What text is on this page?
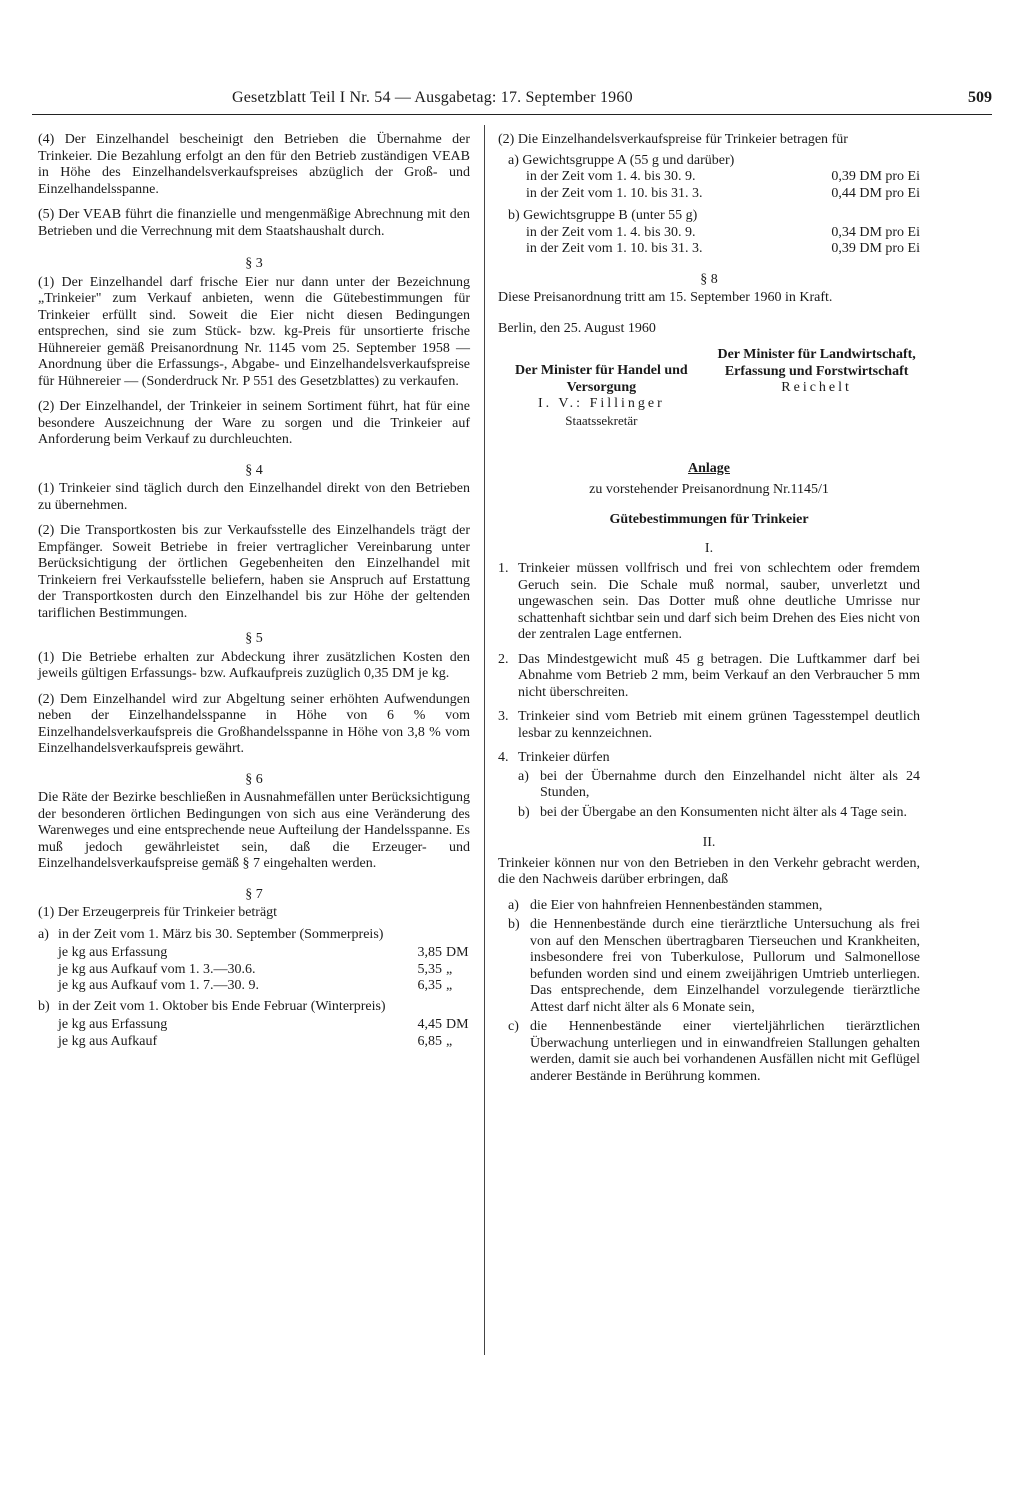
Gesetzblatt Teil I Nr. 54 — Ausgabetag: 17. September 1960	509

(4) Der Einzelhandel bescheinigt den Betrieben die Übernahme der Trinkeier. Die Bezahlung erfolgt an den für den Betrieb zuständigen VEAB in Höhe des Einzelhandelsverkaufspreises abzüglich der Groß- und Einzelhandelsspanne.

(5) Der VEAB führt die finanzielle und mengenmäßige Abrechnung mit den Betrieben und die Verrechnung mit dem Staatshaushalt durch.

§ 3

(1) Der Einzelhandel darf frische Eier nur dann unter der Bezeichnung „Trinkeier" zum Verkauf anbieten, wenn die Gütebestimmungen für Trinkeier erfüllt sind. Soweit die Eier nicht diesen Bedingungen entsprechen, sind sie zum Stück- bzw. kg-Preis für unsortierte frische Hühnereier gemäß Preisanordnung Nr. 1145 vom 25. September 1958 — Anordnung über die Erfassungs-, Abgabe- und Einzelhandelsverkaufspreise für Hühnereier — (Sonderdruck Nr. P 551 des Gesetzblattes) zu verkaufen.

(2) Der Einzelhandel, der Trinkeier in seinem Sortiment führt, hat für eine besondere Auszeichnung der Ware zu sorgen und die Trinkeier auf Anforderung beim Verkauf zu durchleuchten.

§ 4

(1) Trinkeier sind täglich durch den Einzelhandel direkt von den Betrieben zu übernehmen.

(2) Die Transportkosten bis zur Verkaufsstelle des Einzelhandels trägt der Empfänger. Soweit Betriebe in freier vertraglicher Vereinbarung unter Berücksichtigung der örtlichen Gegebenheiten den Einzelhandel mit Trinkeiern frei Verkaufsstelle beliefern, haben sie Anspruch auf Erstattung der Transportkosten durch den Einzelhandel bis zur Höhe der geltenden tariflichen Bestimmungen.

§ 5

(1) Die Betriebe erhalten zur Abdeckung ihrer zusätzlichen Kosten den jeweils gültigen Erfassungs- bzw. Aufkaufpreis zuzüglich 0,35 DM je kg.

(2) Dem Einzelhandel wird zur Abgeltung seiner erhöhten Aufwendungen neben der Einzelhandelsspanne in Höhe von 6 % vom Einzelhandelsverkaufspreis die Großhandelsspanne in Höhe von 3,8 % vom Einzelhandelsverkaufspreis gewährt.

§ 6

Die Räte der Bezirke beschließen in Ausnahmefällen unter Berücksichtigung der besonderen örtlichen Bedingungen von sich aus eine Veränderung des Warenweges und eine entsprechende neue Aufteilung der Handelsspanne. Es muß jedoch gewährleistet sein, daß die Erzeuger- und Einzelhandelsverkaufspreise gemäß § 7 eingehalten werden.

§ 7

(1) Der Erzeugerpreis für Trinkeier beträgt

a) in der Zeit vom 1. März bis 30. September (Sommerpreis)
je kg aus Erfassung	3,85	DM
je kg aus Aufkauf vom 1. 3.—30.6.	5,35	„
je kg aus Aufkauf vom 1. 7.—30. 9.	6,35	„
b) in der Zeit vom 1. Oktober bis Ende Februar (Winterpreis)
je kg aus Erfassung	4,45	DM
je kg aus Aufkauf	6,85	„

(2) Die Einzelhandelsverkaufspreise für Trinkeier betragen für

a) Gewichtsgruppe A (55 g und darüber)
in der Zeit vom 1. 4. bis 30. 9.	0,39 DM pro Ei
in der Zeit vom 1. 10. bis 31. 3.	0,44 DM pro Ei
b) Gewichtsgruppe B (unter 55 g)
in der Zeit vom 1. 4. bis 30. 9.	0,34 DM pro Ei
in der Zeit vom 1. 10. bis 31. 3.	0,39 DM pro Ei
§ 8

Diese Preisanordnung tritt am 15. September 1960 in Kraft.

Berlin, den 25. August 1960

Der Minister für Handel und Versorgung
I. V.: Fillinger
Staatssekretär
Der Minister für Landwirtschaft, Erfassung und Forstwirtschaft
Reichelt
Anlage
zu vorstehender Preisanordnung Nr.1145/1
Gütebestimmungen für Trinkeier
I.
1. Trinkeier müssen vollfrisch und frei von schlechtem oder fremdem Geruch sein. Die Schale muß normal, sauber, unverletzt und ungewaschen sein. Das Dotter muß ohne deutliche Umrisse nur schattenhaft sichtbar sein und darf sich beim Drehen des Eies nicht von der zentralen Lage entfernen.
2. Das Mindestgewicht muß 45 g betragen. Die Luftkammer darf bei Abnahme vom Betrieb 2 mm, beim Verkauf an den Verbraucher 5 mm nicht überschreiten.
3. Trinkeier sind vom Betrieb mit einem grünen Tagesstempel deutlich lesbar zu kennzeichnen.
4. Trinkeier dürfen
a) bei der Übernahme durch den Einzelhandel nicht älter als 24 Stunden,
b) bei der Übergabe an den Konsumenten nicht älter als 4 Tage sein.
II.

Trinkeier können nur von den Betrieben in den Verkehr gebracht werden, die den Nachweis darüber erbringen, daß

a) die Eier von hahnfreien Hennenbeständen stammen,
b) die Hennenbestände durch eine tierärztliche Untersuchung als frei von auf den Menschen übertragbaren Tierseuchen und Krankheiten, insbesondere frei von Tuberkulose, Pullorum und Salmonellose befunden worden sind und einem zweijährigen Umtrieb unterliegen. Das entsprechende, dem Einzelhandel vorzulegende tierärztliche Attest darf nicht älter als 6 Monate sein,
c) die Hennenbestände einer vierteljährlichen tierärztlichen Überwachung unterliegen und in einwandfreien Stallungen gehalten werden, damit sie auch bei vorhandenen Ausfällen nicht mit Geflügel anderer Bestände in Berührung kommen.
